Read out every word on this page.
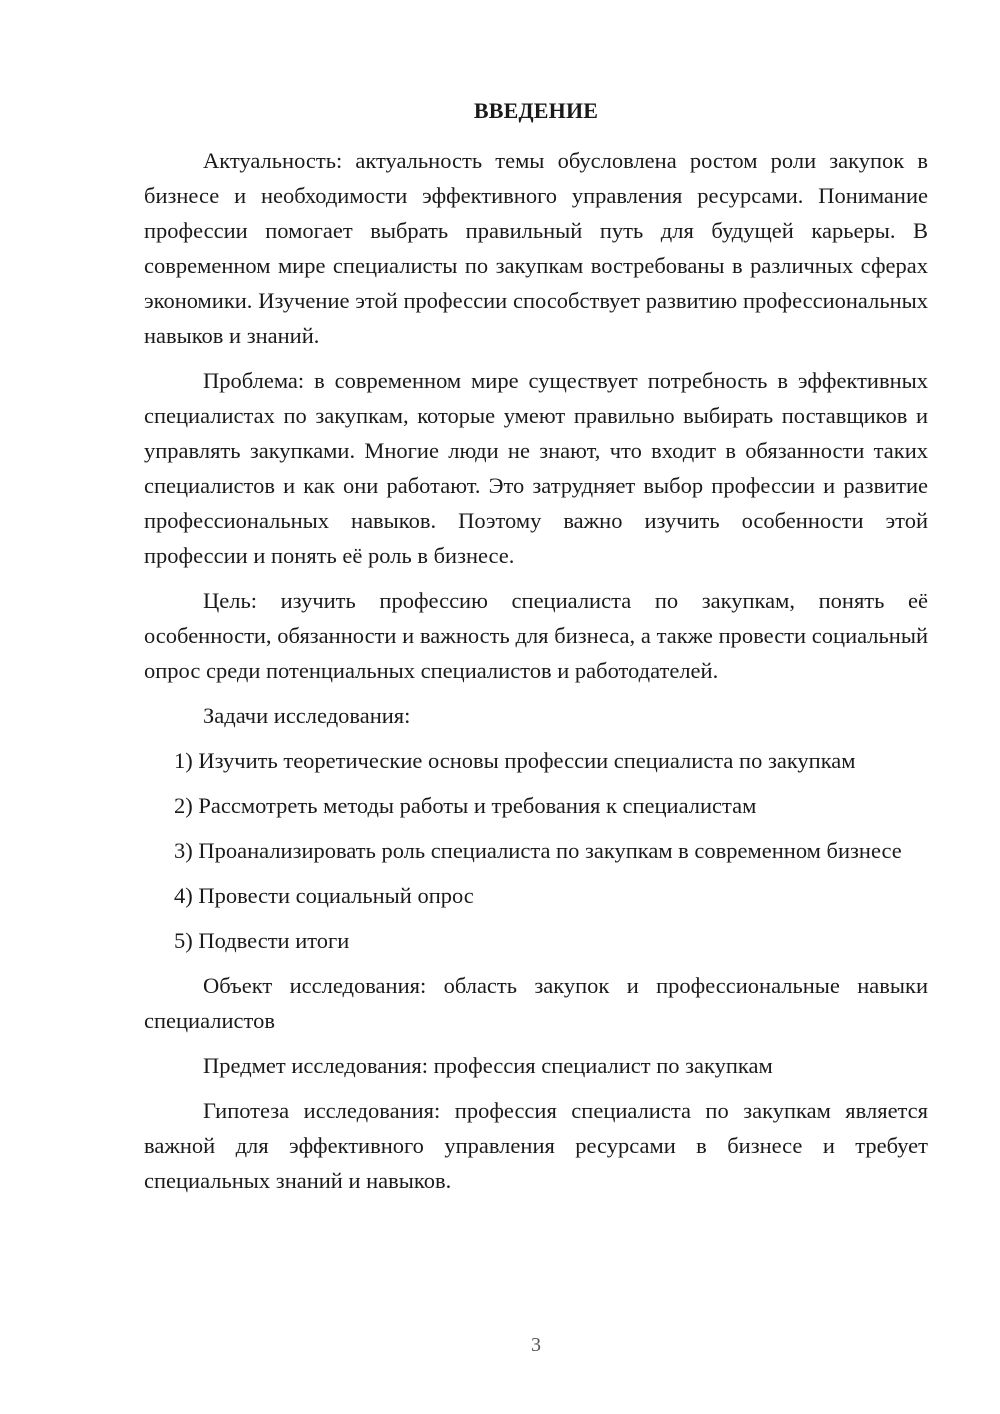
ВВЕДЕНИЕ

Актуальность: актуальность темы обусловлена ростом роли закупок в бизнесе и необходимости эффективного управления ресурсами. Понимание профессии помогает выбрать правильный путь для будущей карьеры. В современном мире специалисты по закупкам востребованы в различных сферах экономики. Изучение этой профессии способствует развитию профессиональных навыков и знаний.

Проблема: в современном мире существует потребность в эффективных специалистах по закупкам, которые умеют правильно выбирать поставщиков и управлять закупками. Многие люди не знают, что входит в обязанности таких специалистов и как они работают. Это затрудняет выбор профессии и развитие профессиональных навыков. Поэтому важно изучить особенности этой профессии и понять её роль в бизнесе.

Цель: изучить профессию специалиста по закупкам, понять её особенности, обязанности и важность для бизнеса, а также провести социальный опрос среди потенциальных специалистов и работодателей.

Задачи исследования:

1) Изучить теоретические основы профессии специалиста по закупкам

2) Рассмотреть методы работы и требования к специалистам

3) Проанализировать роль специалиста по закупкам в современном бизнесе

4) Провести социальный опрос

5) Подвести итоги

Объект исследования: область закупок и профессиональные навыки специалистов

Предмет исследования: профессия специалист по закупкам

Гипотеза исследования: профессия специалиста по закупкам является важной для эффективного управления ресурсами в бизнесе и требует специальных знаний и навыков.

3
